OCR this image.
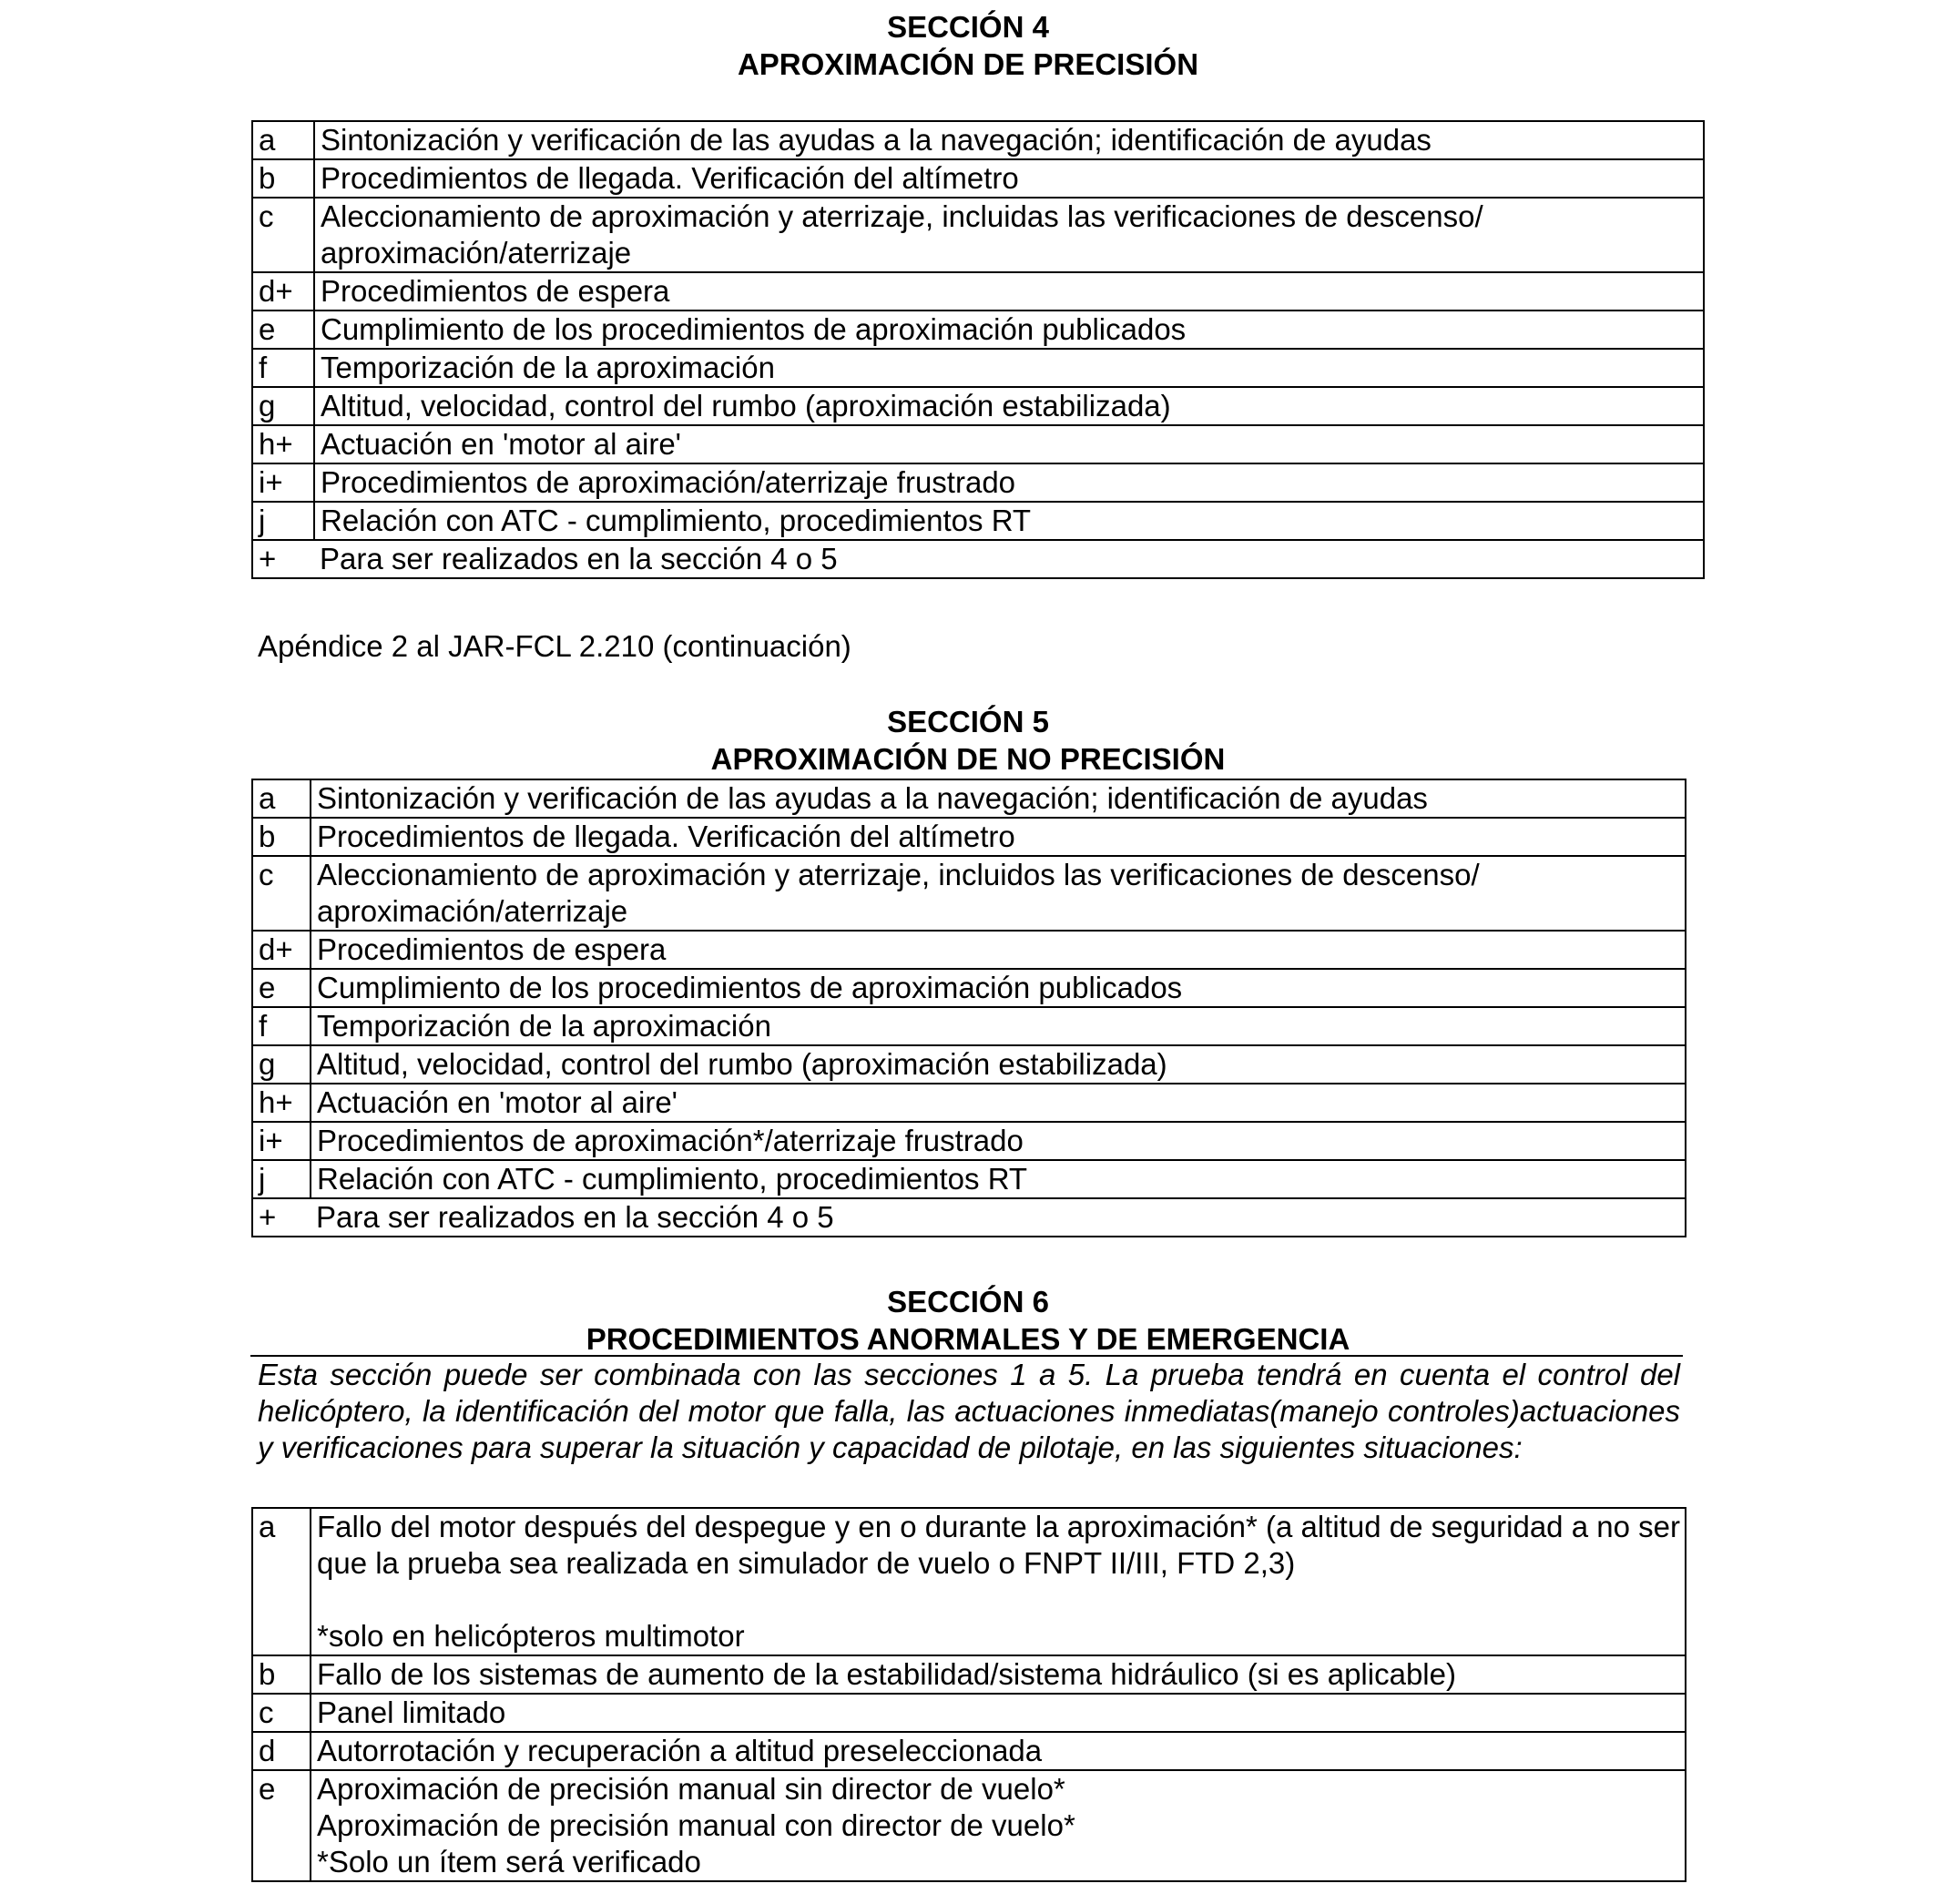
SECCIÓN 4
APROXIMACIÓN DE PRECISIÓN
a	Sintonización y verificación de las ayudas a la navegación; identificación de ayudas
b	Procedimientos de llegada. Verificación del altímetro
c	Aleccionamiento de aproximación y aterrizaje, incluidas las verificaciones de descenso/
aproximación/aterrizaje
d+	Procedimientos de espera
e	Cumplimiento de los procedimientos de aproximación publicados
f	Temporización de la aproximación
g	Altitud, velocidad, control del rumbo (aproximación estabilizada)
h+	Actuación en 'motor al aire'
i+	Procedimientos de aproximación/aterrizaje frustrado
j	Relación con ATC - cumplimiento, procedimientos RT
+	Para ser realizados en la sección 4 o 5
Apéndice 2 al JAR-FCL 2.210 (continuación)
SECCIÓN 5
APROXIMACIÓN DE NO PRECISIÓN
a	Sintonización y verificación de las ayudas a la navegación; identificación de ayudas
b	Procedimientos de llegada. Verificación del altímetro
c	Aleccionamiento de aproximación y aterrizaje, incluidos las verificaciones de descenso/
aproximación/aterrizaje
d+	Procedimientos de espera
e	Cumplimiento de los procedimientos de aproximación publicados
f	Temporización de la aproximación
g	Altitud, velocidad, control del rumbo (aproximación estabilizada)
h+	Actuación en 'motor al aire'
i+	Procedimientos de aproximación*/aterrizaje frustrado
j	Relación con ATC - cumplimiento, procedimientos RT
+	Para ser realizados en la sección 4 o 5
SECCIÓN 6
PROCEDIMIENTOS ANORMALES Y DE EMERGENCIA
Esta sección puede ser combinada con las secciones 1 a 5. La prueba tendrá en cuenta el control del helicóptero, la identificación del motor que falla, las actuaciones inmediatas(manejo controles)actuaciones y verificaciones para superar la situación y capacidad de pilotaje, en las siguientes situaciones:
a	Fallo del motor después del despegue y en o durante la aproximación* (a altitud de seguridad a no ser que la prueba sea realizada en simulador de vuelo o FNPT II/III, FTD 2,3)

*solo en helicópteros multimotor
b	Fallo de los sistemas de aumento de la estabilidad/sistema hidráulico (si es aplicable)
c	Panel limitado
d	Autorrotación y recuperación a altitud preseleccionada
e	Aproximación de precisión manual sin director de vuelo*
Aproximación de precisión manual con director de vuelo*
*Solo un ítem será verificado
